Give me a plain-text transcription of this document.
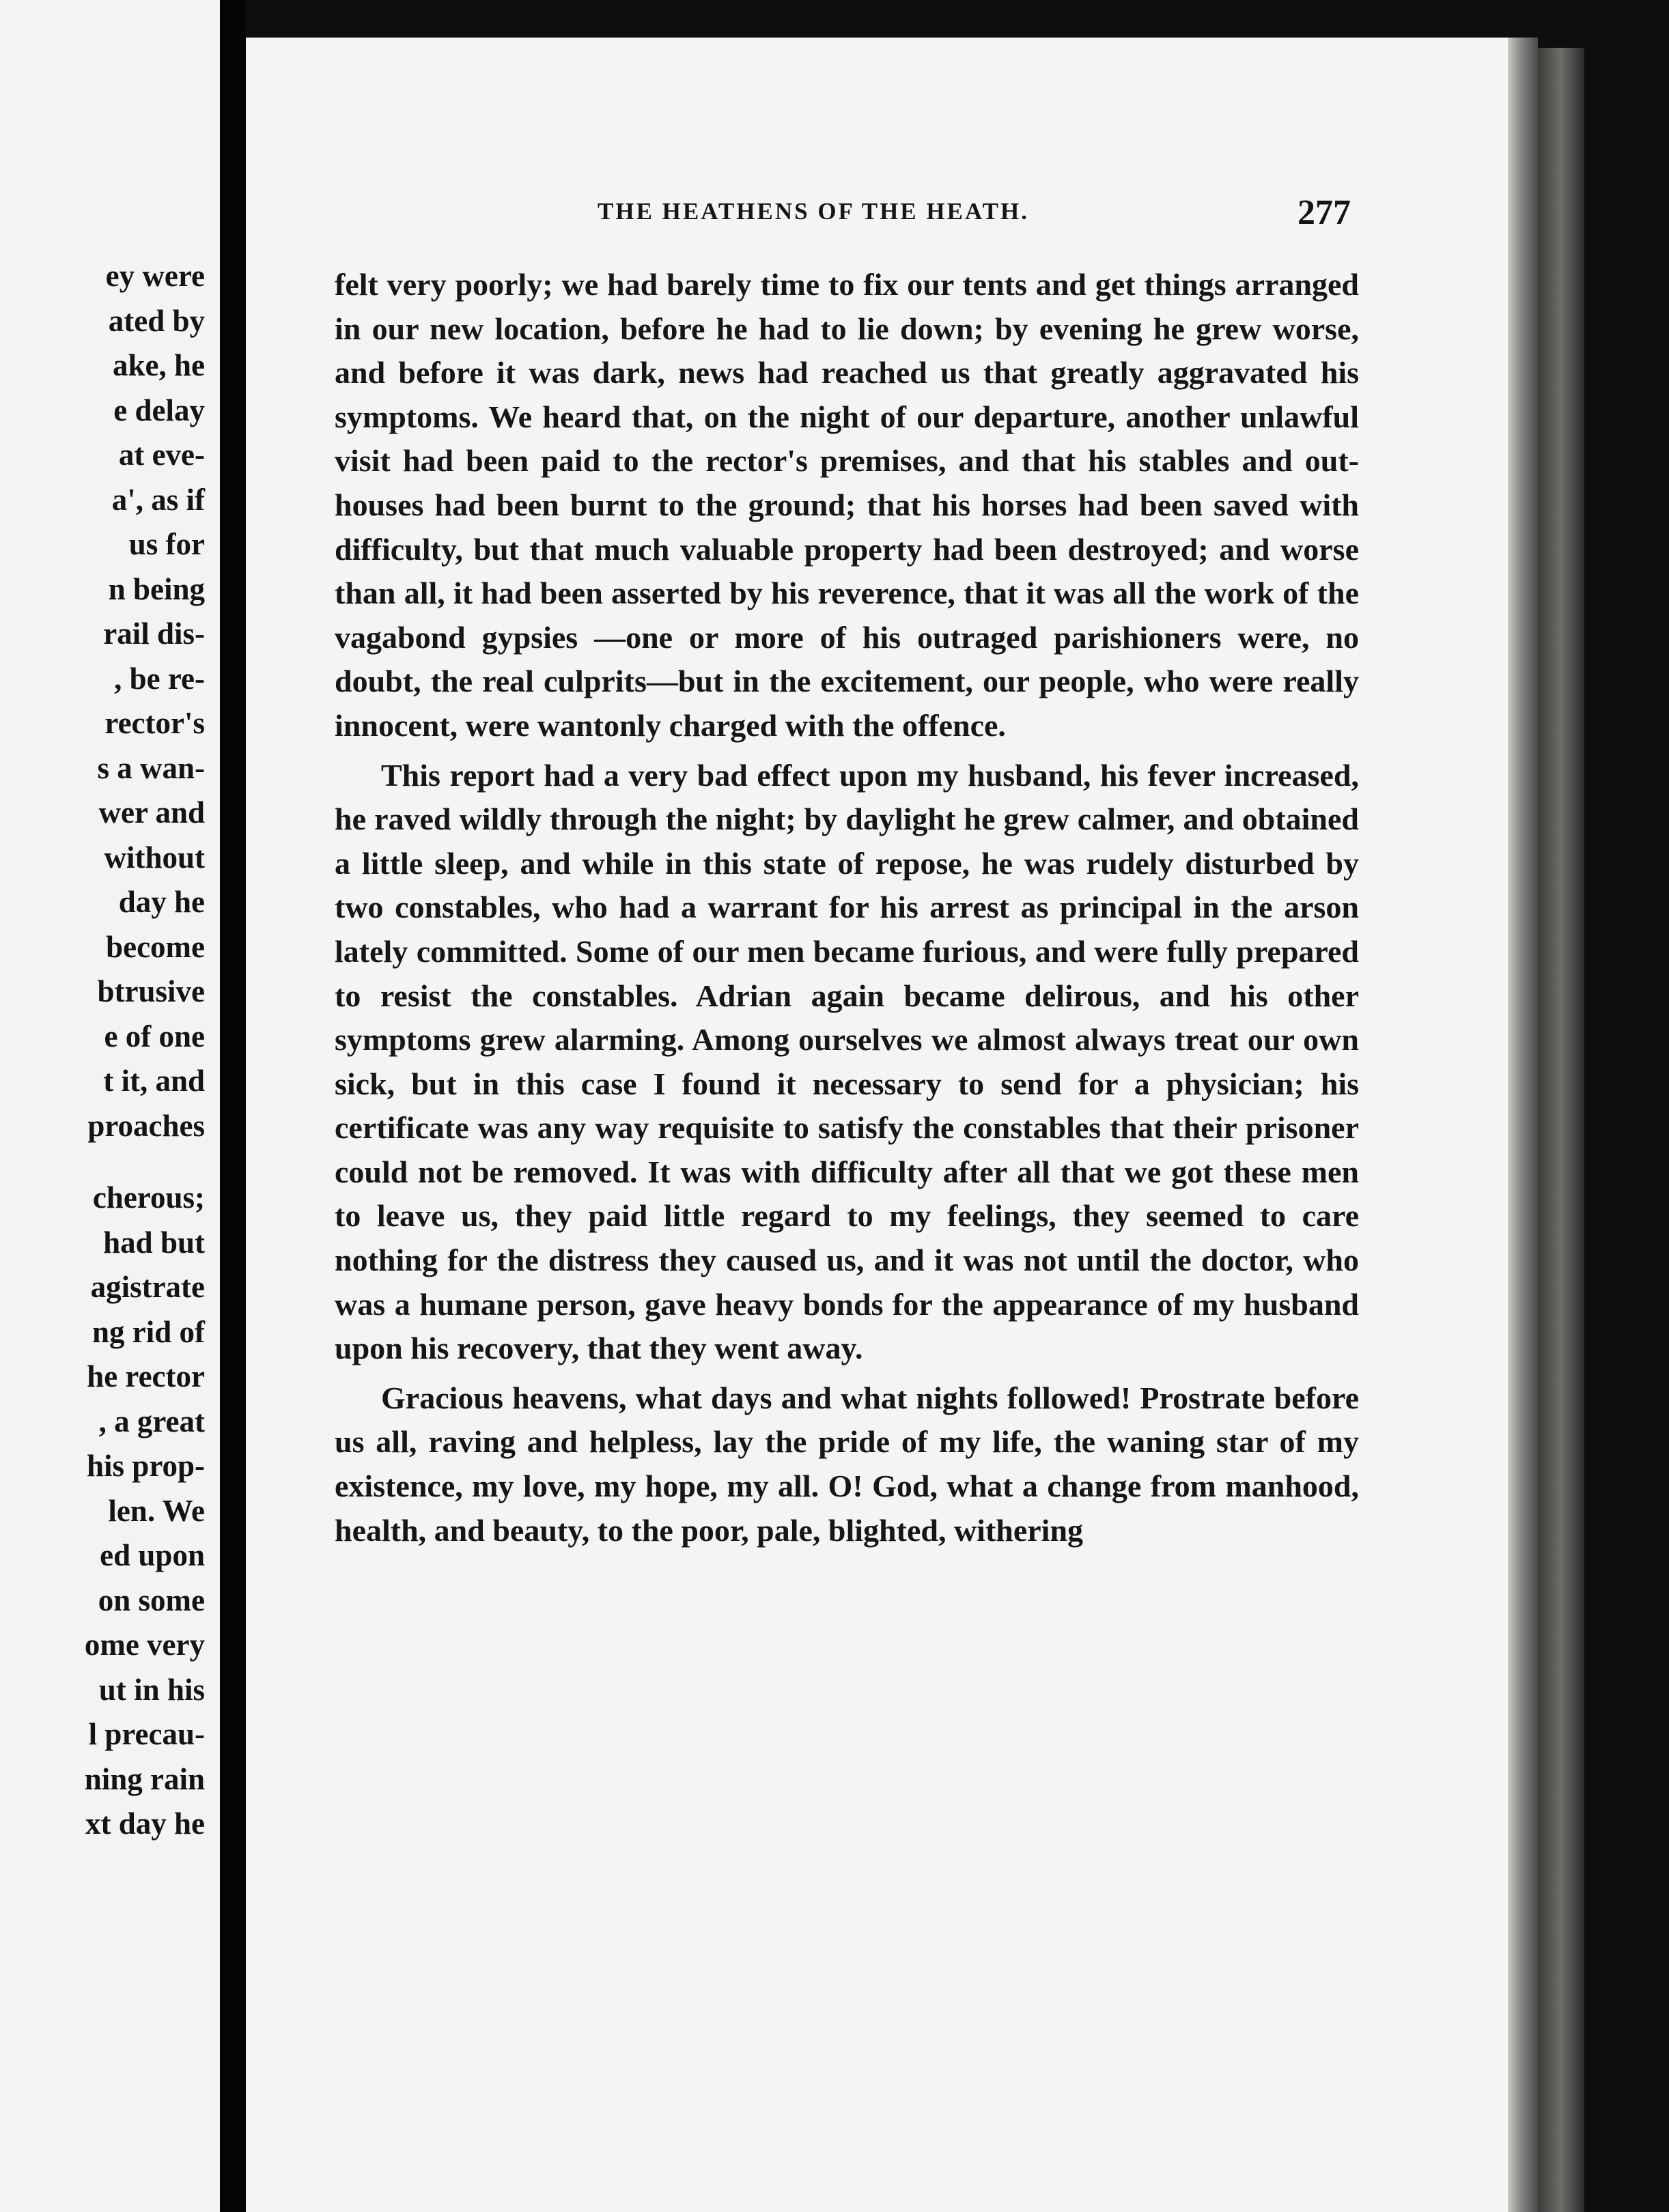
ey were
ated by
ake, he
e delay
at eve-
a', as if
us for
n being
rail dis-
, be re-
rector's
s a wan-
wer and
without
day he
become
btrusive
e of one
t it, and
proaches
cherous;
had but
agistrate
ng rid of
he rector
, a great
his prop-
len. We
ed upon
on some
ome very
ut in his
l precau-
ning rain
xt day he
THE HEATHENS OF THE HEATH.	277

felt very poorly; we had barely time to fix our tents and get things arranged in our new location, before he had to lie down; by evening he grew worse, and before it was dark, news had reached us that greatly aggravated his symptoms. We heard that, on the night of our departure, another unlawful visit had been paid to the rector's premises, and that his stables and out-houses had been burnt to the ground; that his horses had been saved with difficulty, but that much valuable property had been destroyed; and worse than all, it had been asserted by his reverence, that it was all the work of the vagabond gypsies —one or more of his outraged parishioners were, no doubt, the real culprits—but in the excitement, our people, who were really innocent, were wantonly charged with the offence.

This report had a very bad effect upon my husband, his fever increased, he raved wildly through the night; by daylight he grew calmer, and obtained a little sleep, and while in this state of repose, he was rudely disturbed by two constables, who had a warrant for his arrest as principal in the arson lately committed. Some of our men became furious, and were fully prepared to resist the constables. Adrian again became delirous, and his other symptoms grew alarming. Among ourselves we almost always treat our own sick, but in this case I found it necessary to send for a physician; his certificate was any way requisite to satisfy the constables that their prisoner could not be removed. It was with difficulty after all that we got these men to leave us, they paid little regard to my feelings, they seemed to care nothing for the distress they caused us, and it was not until the doctor, who was a humane person, gave heavy bonds for the appearance of my husband upon his recovery, that they went away.

Gracious heavens, what days and what nights followed! Prostrate before us all, raving and helpless, lay the pride of my life, the waning star of my existence, my love, my hope, my all. O! God, what a change from manhood, health, and beauty, to the poor, pale, blighted, withering
